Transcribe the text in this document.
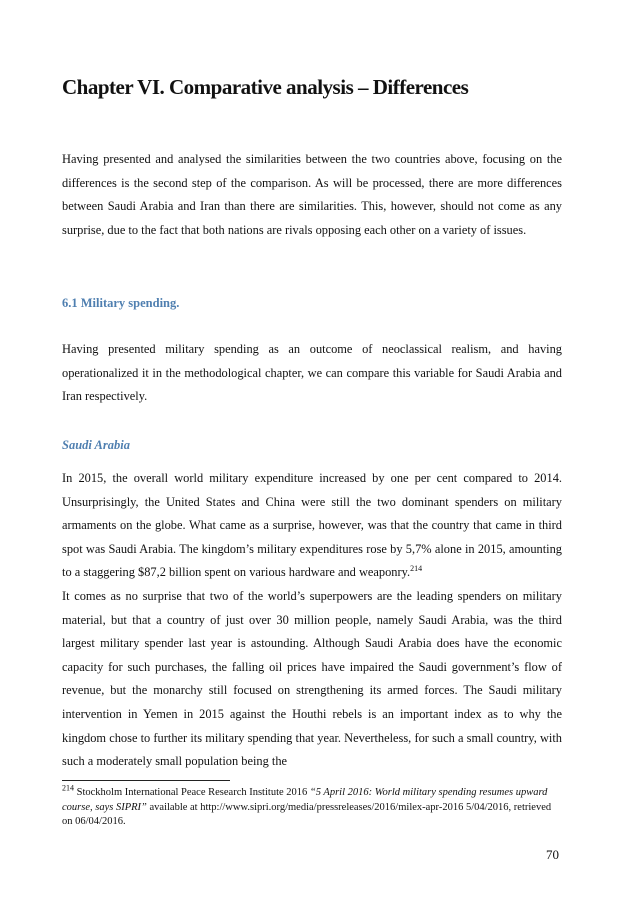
Chapter VI. Comparative analysis – Differences

Having presented and analysed the similarities between the two countries above, focusing on the differences is the second step of the comparison. As will be processed, there are more differences between Saudi Arabia and Iran than there are similarities. This, however, should not come as any surprise, due to the fact that both nations are rivals opposing each other on a variety of issues.

6.1 Military spending.

Having presented military spending as an outcome of neoclassical realism, and having operationalized it in the methodological chapter, we can compare this variable for Saudi Arabia and Iran respectively.

Saudi Arabia

In 2015, the overall world military expenditure increased by one per cent compared to 2014. Unsurprisingly, the United States and China were still the two dominant spenders on military armaments on the globe. What came as a surprise, however, was that the country that came in third spot was Saudi Arabia. The kingdom’s military expenditures rose by 5,7% alone in 2015, amounting to a staggering $87,2 billion spent on various hardware and weaponry.$^{214}$

It comes as no surprise that two of the world’s superpowers are the leading spenders on military material, but that a country of just over 30 million people, namely Saudi Arabia, was the third largest military spender last year is astounding. Although Saudi Arabia does have the economic capacity for such purchases, the falling oil prices have impaired the Saudi government’s flow of revenue, but the monarchy still focused on strengthening its armed forces. The Saudi military intervention in Yemen in 2015 against the Houthi rebels is an important index as to why the kingdom chose to further its military spending that year. Nevertheless, for such a small country, with such a moderately small population being the

$^{214}$ Stockholm International Peace Research Institute 2016 “5 April 2016: World military spending resumes upward course, says SIPRI” available at http://www.sipri.org/media/pressreleases/2016/milex-apr-2016 5/04/2016, retrieved on 06/04/2016.

70
